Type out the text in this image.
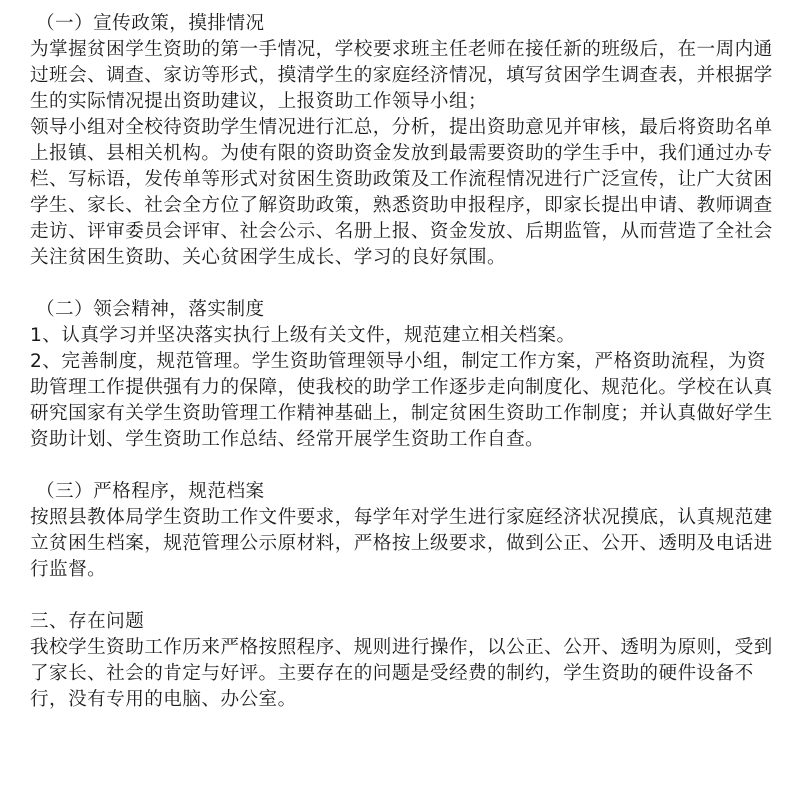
（一）宣传政策，摸排情况

为掌握贫困学生资助的第一手情况，学校要求班主任老师在接任新的班级后，在一周内通过班会、调查、家访等形式，摸清学生的家庭经济情况，填写贫困学生调查表，并根据学生的实际情况提出资助建议，上报资助工作领导小组；

领导小组对全校待资助学生情况进行汇总，分析，提出资助意见并审核，最后将资助名单上报镇、县相关机构。为使有限的资助资金发放到最需要资助的学生手中，我们通过办专栏、写标语，发传单等形式对贫困生资助政策及工作流程情况进行广泛宣传，让广大贫困学生、家长、社会全方位了解资助政策，熟悉资助申报程序，即家长提出申请、教师调查走访、评审委员会评审、社会公示、名册上报、资金发放、后期监管，从而营造了全社会关注贫困生资助、关心贫困学生成长、学习的良好氛围。

（二）领会精神，落实制度

1、认真学习并坚决落实执行上级有关文件，规范建立相关档案。

2、完善制度，规范管理。学生资助管理领导小组，制定工作方案，严格资助流程，为资助管理工作提供强有力的保障，使我校的助学工作逐步走向制度化、规范化。学校在认真研究国家有关学生资助管理工作精神基础上，制定贫困生资助工作制度；并认真做好学生资助计划、学生资助工作总结、经常开展学生资助工作自查。

（三）严格程序，规范档案

按照县教体局学生资助工作文件要求，每学年对学生进行家庭经济状况摸底，认真规范建立贫困生档案，规范管理公示原材料，严格按上级要求，做到公正、公开、透明及电话进行监督。

三、存在问题

我校学生资助工作历来严格按照程序、规则进行操作，以公正、公开、透明为原则，受到了家长、社会的肯定与好评。主要存在的问题是受经费的制约，学生资助的硬件设备不行，没有专用的电脑、办公室。
